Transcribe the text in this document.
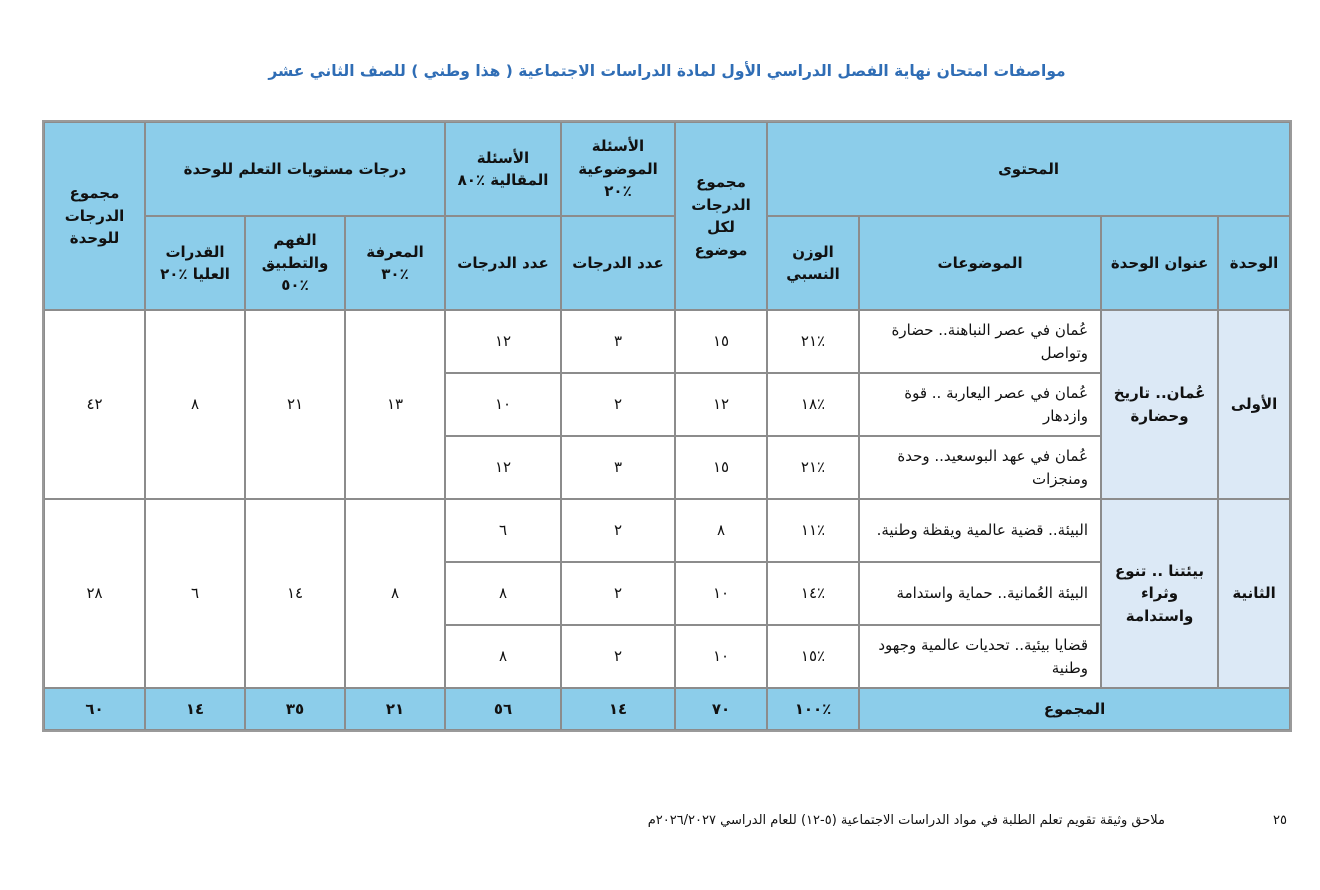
مواصفات امتحان نهاية الفصل الدراسي الأول لمادة الدراسات الاجتماعية ( هذا وطني ) للصف الثاني عشر
المحتوى				مجموع الدرجات لكل موضوع	الأسئلة الموضوعية ٪٢٠	الأسئلة المقالية ٪٨٠	درجات مستويات التعلم للوحدة			مجموع الدرجات للوحدة
الوحدة	عنوان الوحدة	الموضوعات	الوزن النسبي		عدد الدرجات	عدد الدرجات	المعرفة ٪٣٠	الفهم والتطبيق ٪٥٠	القدرات العليا ٪٢٠	
الأولى	عُمان.. تاريخ وحضارة	عُمان في عصر النباهنة.. حضارة وتواصل	٪٢١	١٥	٣	١٢	١٣	٢١	٨	٤٢
		عُمان في عصر اليعاربة .. قوة وازدهار	٪١٨	١٢	٢	١٠				
		عُمان في عهد البوسعيد.. وحدة ومنجزات	٪٢١	١٥	٣	١٢				
الثانية	بيئتنا .. تنوع وثراء واستدامة	البيئة.. قضية عالمية ويقظة وطنية.	٪١١	٨	٢	٦	٨	١٤	٦	٢٨
		البيئة العُمانية.. حماية واستدامة	٪١٤	١٠	٢	٨				
		قضايا بيئية.. تحديات عالمية وجهود وطنية	٪١٥	١٠	٢	٨				
المجموع			٪١٠٠	٧٠	١٤	٥٦	٢١	٣٥	١٤	٦٠
ملاحق وثيقة تقويم تعلم الطلبة في مواد الدراسات الاجتماعية (٥-١٢) للعام الدراسي ٢٠٢٦/٢٠٢٧م	٢٥
